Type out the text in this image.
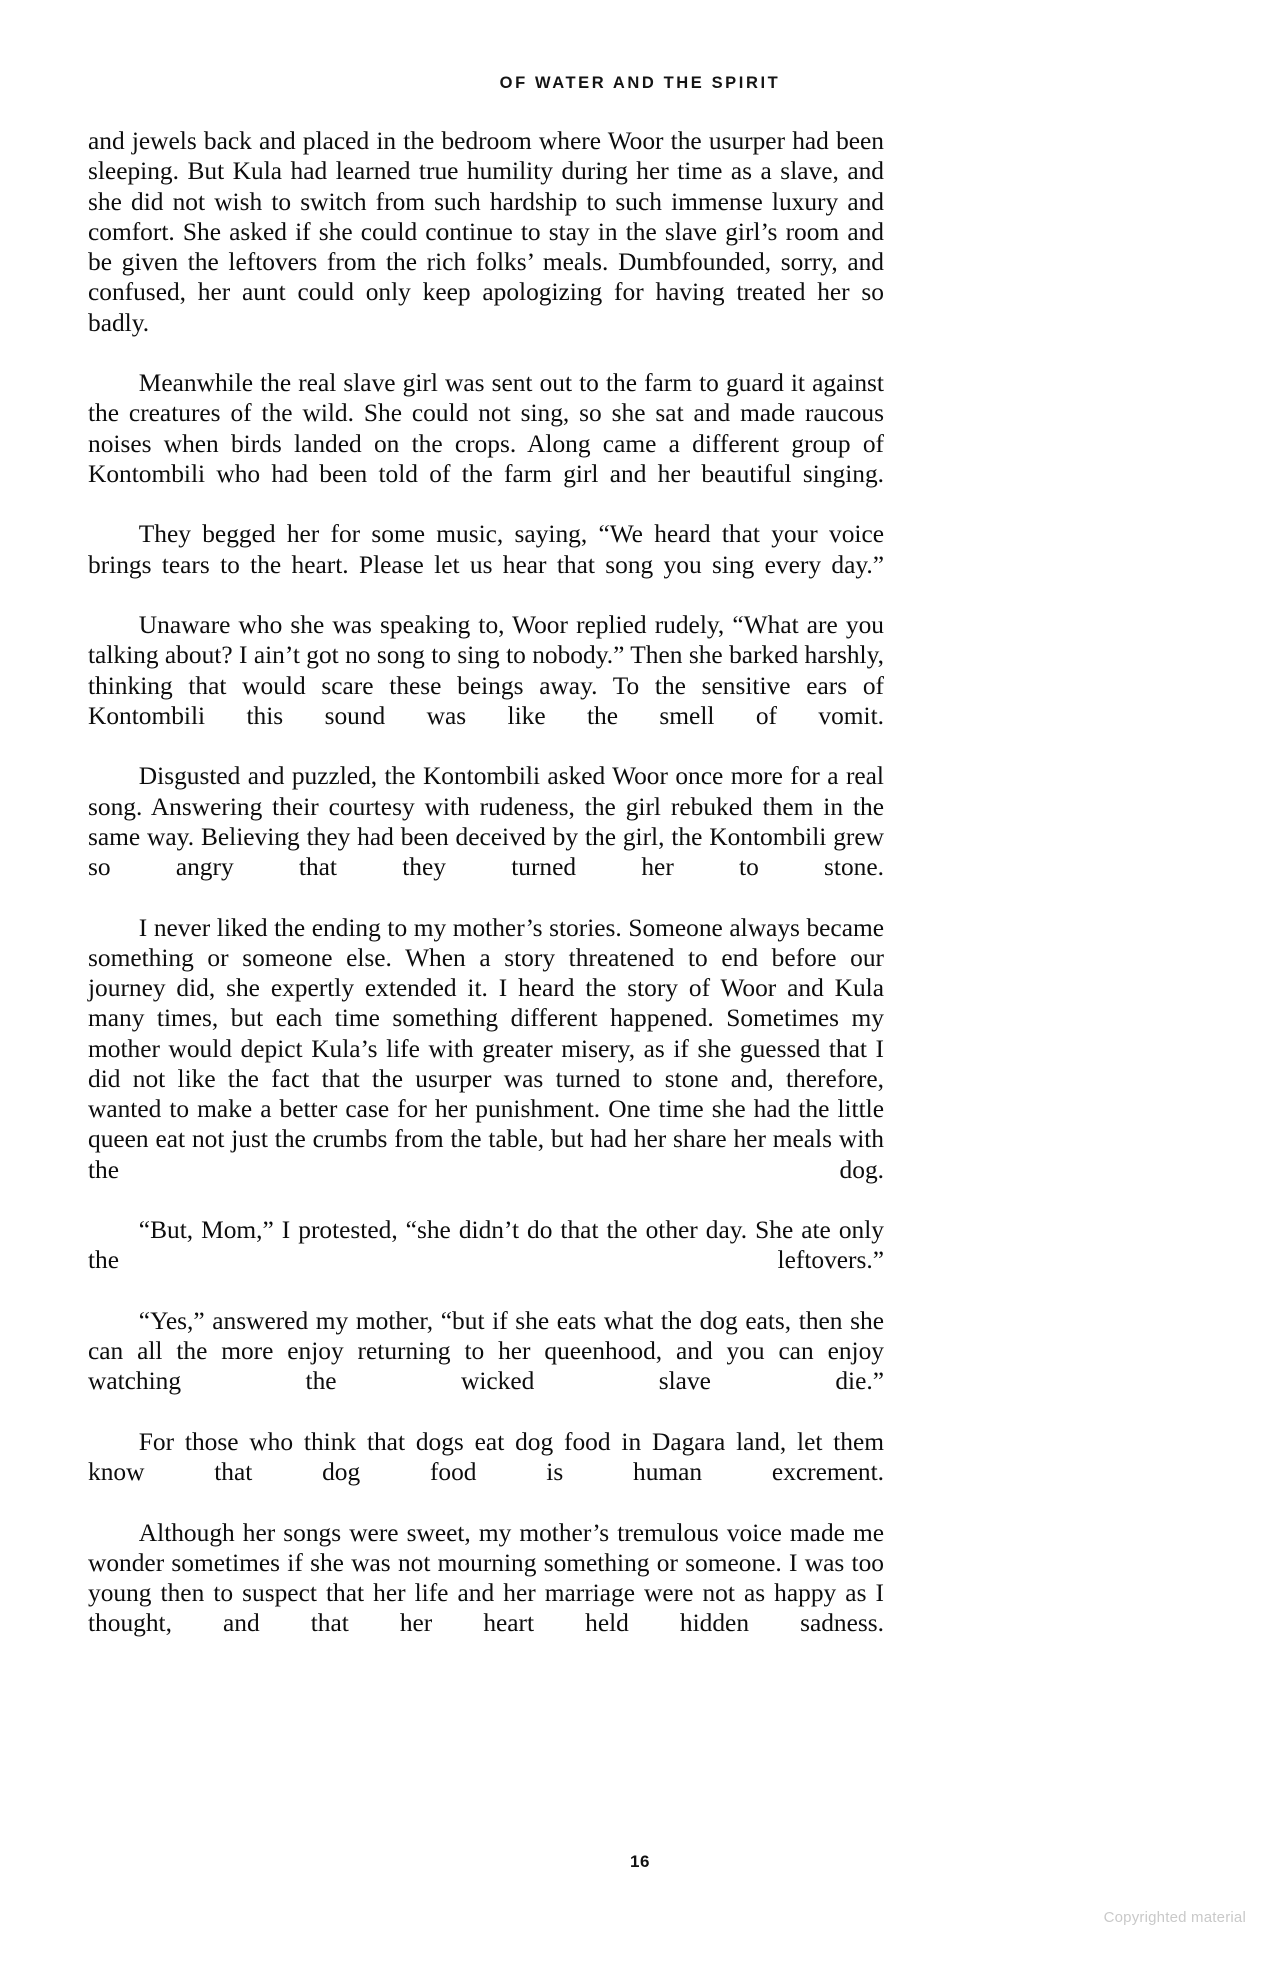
OF WATER AND THE SPIRIT

and jewels back and placed in the bedroom where Woor the usurper had been sleeping. But Kula had learned true humility during her time as a slave, and she did not wish to switch from such hardship to such immense luxury and comfort. She asked if she could continue to stay in the slave girl’s room and be given the leftovers from the rich folks’ meals. Dumbfounded, sorry, and confused, her aunt could only keep apologizing for having treated her so badly.

Meanwhile the real slave girl was sent out to the farm to guard it against the creatures of the wild. She could not sing, so she sat and made raucous noises when birds landed on the crops. Along came a different group of Kontombili who had been told of the farm girl and her beautiful singing.

They begged her for some music, saying, “We heard that your voice brings tears to the heart. Please let us hear that song you sing every day.”

Unaware who she was speaking to, Woor replied rudely, “What are you talking about? I ain’t got no song to sing to nobody.” Then she barked harshly, thinking that would scare these beings away. To the sensitive ears of Kontombili this sound was like the smell of vomit.

Disgusted and puzzled, the Kontombili asked Woor once more for a real song. Answering their courtesy with rudeness, the girl rebuked them in the same way. Believing they had been deceived by the girl, the Kontombili grew so angry that they turned her to stone.

I never liked the ending to my mother’s stories. Someone always became something or someone else. When a story threatened to end before our journey did, she expertly extended it. I heard the story of Woor and Kula many times, but each time something different happened. Sometimes my mother would depict Kula’s life with greater misery, as if she guessed that I did not like the fact that the usurper was turned to stone and, therefore, wanted to make a better case for her punishment. One time she had the little queen eat not just the crumbs from the table, but had her share her meals with the dog.

“But, Mom,” I protested, “she didn’t do that the other day. She ate only the leftovers.”

“Yes,” answered my mother, “but if she eats what the dog eats, then she can all the more enjoy returning to her queenhood, and you can enjoy watching the wicked slave die.”

For those who think that dogs eat dog food in Dagara land, let them know that dog food is human excrement.

Although her songs were sweet, my mother’s tremulous voice made me wonder sometimes if she was not mourning something or someone. I was too young then to suspect that her life and her marriage were not as happy as I thought, and that her heart held hidden sadness.

16
Copyrighted material
